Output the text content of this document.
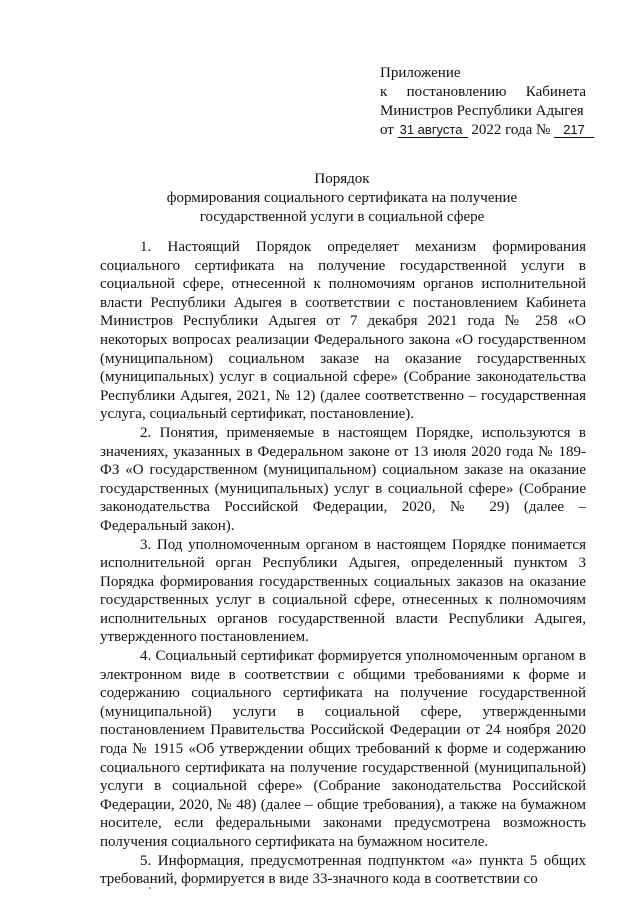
Приложение
к постановлению Кабинета
Министров Республики Адыгея
от 31 августа 2022 года № 217
Порядок
формирования социального сертификата на получение
государственной услуги в социальной сфере

1. Настоящий Порядок определяет механизм формирования социального сертификата на получение государственной услуги в социальной сфере, отнесенной к полномочиям органов исполнительной власти Республики Адыгея в соответствии с постановлением Кабинета Министров Республики Адыгея от 7 декабря 2021 года № 258 «О некоторых вопросах реализации Федерального закона «О государственном (муниципальном) социальном заказе на оказание государственных (муниципальных) услуг в социальной сфере» (Собрание законодательства Республики Адыгея, 2021, № 12) (далее соответственно – государственная услуга, социальный сертификат, постановление).

2. Понятия, применяемые в настоящем Порядке, используются в значениях, указанных в Федеральном законе от 13 июля 2020 года № 189-ФЗ «О государственном (муниципальном) социальном заказе на оказание государственных (муниципальных) услуг в социальной сфере» (Собрание законодательства Российской Федерации, 2020, № 29) (далее – Федеральный закон).

3. Под уполномоченным органом в настоящем Порядке понимается исполнительной орган Республики Адыгея, определенный пунктом 3 Порядка формирования государственных социальных заказов на оказание государственных услуг в социальной сфере, отнесенных к полномочиям исполнительных органов государственной власти Республики Адыгея, утвержденного постановлением.

4. Социальный сертификат формируется уполномоченным органом в электронном виде в соответствии с общими требованиями к форме и содержанию социального сертификата на получение государственной (муниципальной) услуги в социальной сфере, утвержденными постановлением Правительства Российской Федерации от 24 ноября 2020 года № 1915 «Об утверждении общих требований к форме и содержанию социального сертификата на получение государственной (муниципальной) услуги в социальной сфере» (Собрание законодательства Российской Федерации, 2020, № 48) (далее – общие требования), а также на бумажном носителе, если федеральными законами предусмотрена возможность получения социального сертификата на бумажном носителе.

5. Информация, предусмотренная подпунктом «а» пункта 5 общих требований, формируется в виде 33-значного кода в соответствии со
